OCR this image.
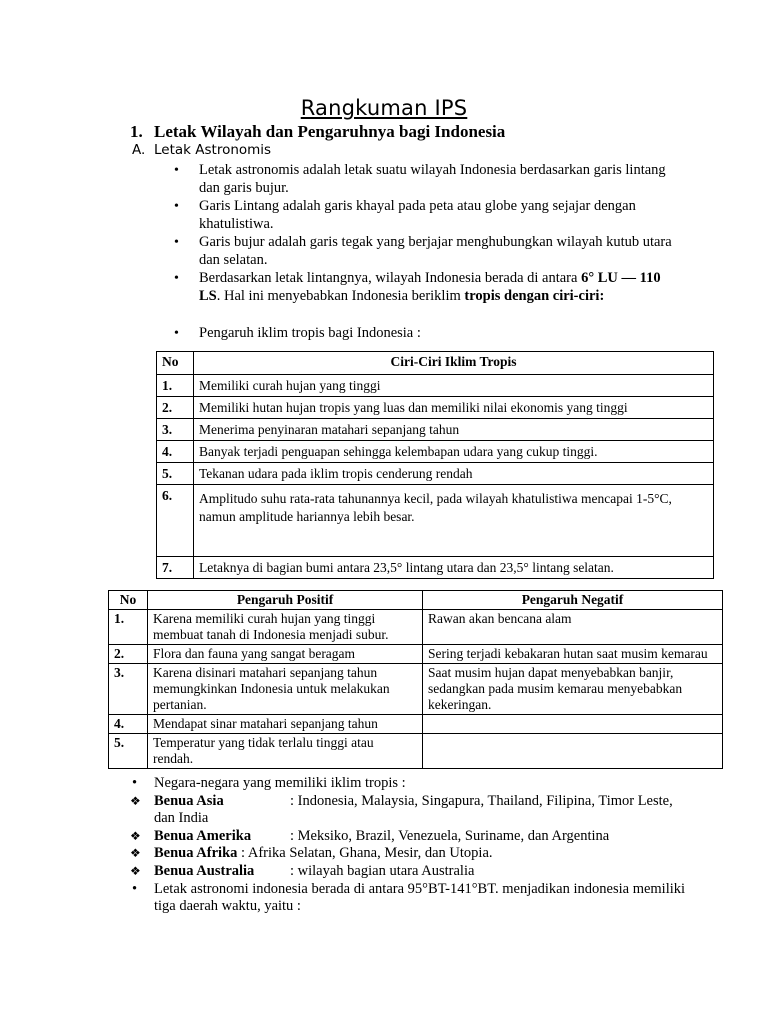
Rangkuman IPS
1. Letak Wilayah dan Pengaruhnya bagi Indonesia
A. Letak Astronomis
• Letak astronomis adalah letak suatu wilayah Indonesia berdasarkan garis lintang dan garis bujur.
• Garis Lintang adalah garis khayal pada peta atau globe yang sejajar dengan khatulistiwa.
• Garis bujur adalah garis tegak yang berjajar menghubungkan wilayah kutub utara dan selatan.
• Berdasarkan letak lintangnya, wilayah Indonesia berada di antara 6° LU — 110 LS. Hal ini menyebabkan Indonesia beriklim tropis dengan ciri-ciri:
• Pengaruh iklim tropis bagi Indonesia :
No	Ciri-Ciri Iklim Tropis
1.	Memiliki curah hujan yang tinggi
2.	Memiliki hutan hujan tropis yang luas dan memiliki nilai ekonomis yang tinggi
3.	Menerima penyinaran matahari sepanjang tahun
4.	Banyak terjadi penguapan sehingga kelembapan udara yang cukup tinggi.
5.	Tekanan udara pada iklim tropis cenderung rendah
6.	Amplitudo suhu rata-rata tahunannya kecil, pada wilayah khatulistiwa mencapai 1-5°C, namun amplitude hariannya lebih besar.
7.	Letaknya di bagian bumi antara 23,5° lintang utara dan 23,5° lintang selatan.
No	Pengaruh Positif	Pengaruh Negatif
1.	Karena memiliki curah hujan yang tinggi membuat tanah di Indonesia menjadi subur.	Rawan akan bencana alam
2.	Flora dan fauna yang sangat beragam	Sering terjadi kebakaran hutan saat musim kemarau
3.	Karena disinari matahari sepanjang tahun memungkinkan Indonesia untuk melakukan pertanian.	Saat musim hujan dapat menyebabkan banjir, sedangkan pada musim kemarau menyebabkan kekeringan.
4.	Mendapat sinar matahari sepanjang tahun	
5.	Temperatur yang tidak terlalu tinggi atau rendah.	
• Negara-negara yang memiliki iklim tropis :
❖ Benua Asia	: Indonesia, Malaysia, Singapura, Thailand, Filipina, Timor Leste, dan India
❖ Benua Amerika	: Meksiko, Brazil, Venezuela, Suriname, dan Argentina
❖ Benua Afrika : Afrika Selatan, Ghana, Mesir, dan Utopia.
❖ Benua Australia : wilayah bagian utara Australia
• Letak astronomi indonesia berada di antara 95°BT-141°BT. menjadikan indonesia memiliki tiga daerah waktu, yaitu :
